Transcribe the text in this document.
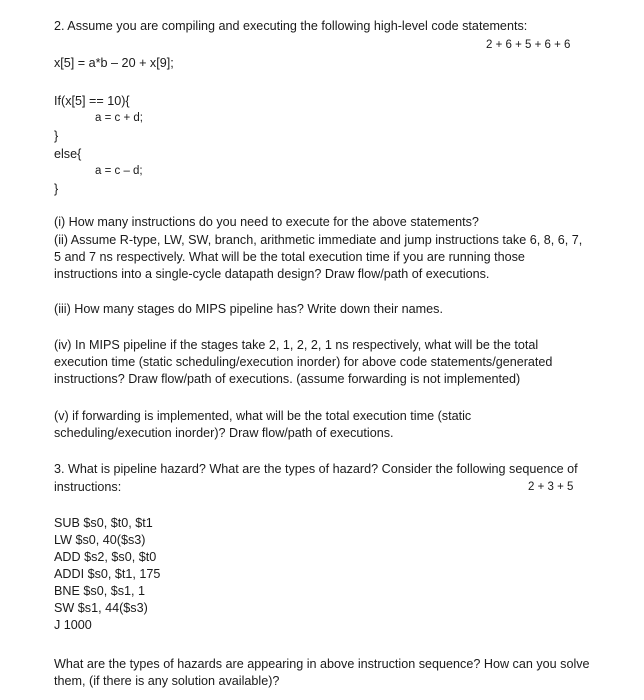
2. Assume you are compiling and executing the following high-level code statements:
2 + 6 + 5 + 6 + 6
x[5] = a*b – 20 + x[9];
If(x[5] == 10){
a = c + d;
}
else{
a = c – d;
}
(i) How many instructions do you need to execute for the above statements?
(ii) Assume R-type, LW, SW, branch, arithmetic immediate and jump instructions take 6, 8, 6, 7,
5 and 7 ns respectively. What will be the total execution time if you are running those
instructions into a single-cycle datapath design? Draw flow/path of executions.
(iii) How many stages do MIPS pipeline has? Write down their names.
(iv) In MIPS pipeline if the stages take 2, 1, 2, 2, 1 ns respectively, what will be the total
execution time (static scheduling/execution inorder) for above code statements/generated
instructions? Draw flow/path of executions. (assume forwarding is not implemented)
(v) if forwarding is implemented, what will be the total execution time (static
scheduling/execution inorder)? Draw flow/path of executions.
3. What is pipeline hazard? What are the types of hazard? Consider the following sequence of
instructions:	2 + 3 + 5
SUB $s0, $t0, $t1
LW $s0, 40($s3)
ADD $s2, $s0, $t0
ADDI $s0, $t1, 175
BNE $s0, $s1, 1
SW $s1, 44($s3)
J 1000
What are the types of hazards are appearing in above instruction sequence? How can you solve
them, (if there is any solution available)?
